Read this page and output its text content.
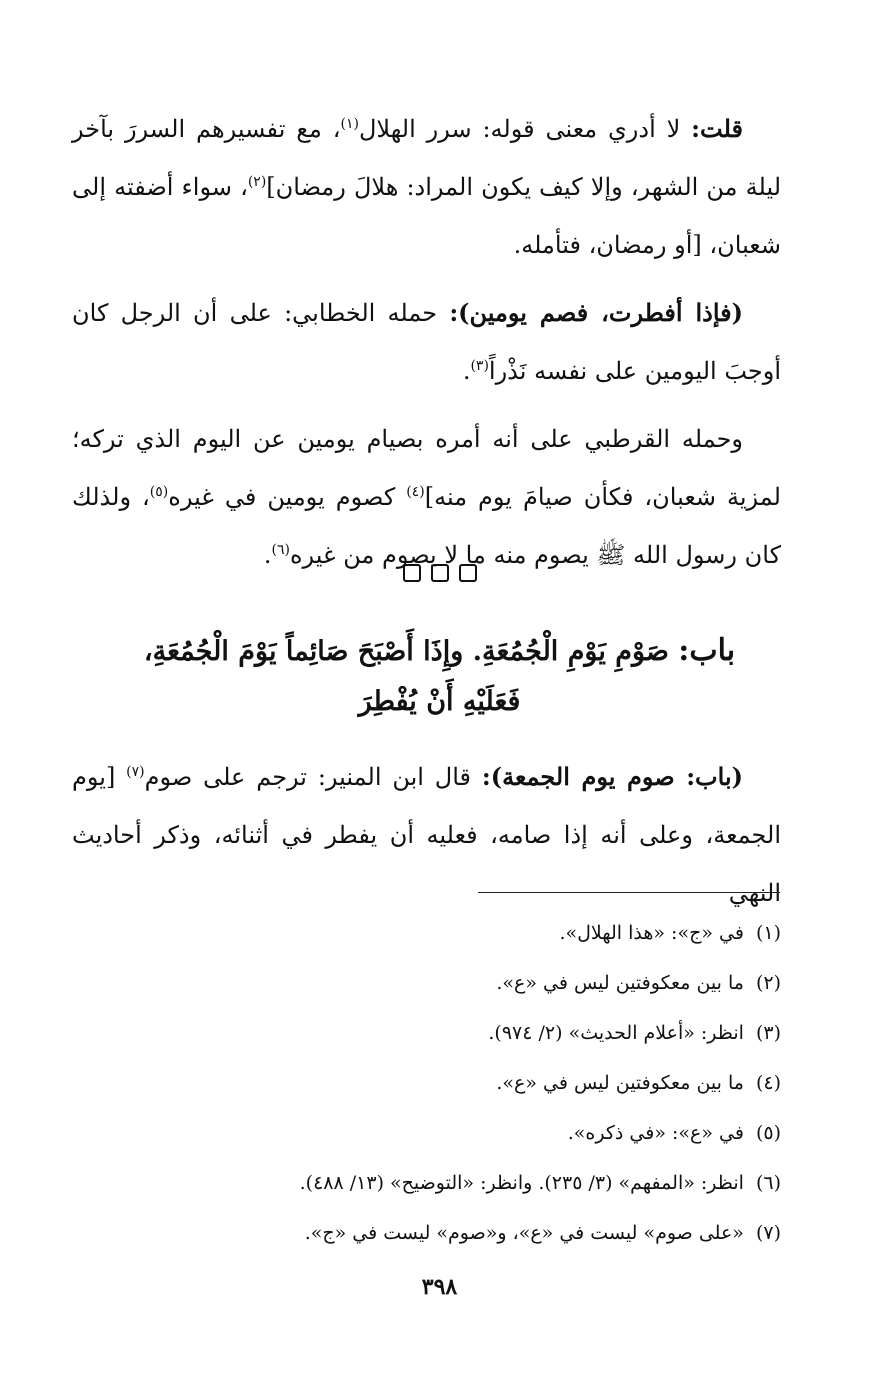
قلت: لا أدري معنى قوله: سرر الهلال$^{(١)}$، مع تفسيرهم السررَ بآخر ليلة من الشهر، وإلا كيف يكون المراد: هلالَ رمضان]$^{(٢)}$، سواء أضفته إلى شعبان، [أو رمضان، فتأمله.

(فإذا أفطرت، فصم يومين): حمله الخطابي: على أن الرجل كان أوجبَ اليومين على نفسه نَذْراً$^{(٣)}$.

وحمله القرطبي على أنه أمره بصيام يومين عن اليوم الذي تركه؛ لمزية شعبان، فكأن صيامَ يوم منه]$^{(٤)}$ كصوم يومين في غيره$^{(٥)}$، ولذلك كان رسول الله ﷺ يصوم منه ما لا يصوم من غيره$^{(٦)}$.

باب: صَوْمِ يَوْمِ الْجُمُعَةِ. وإِذَا أَصْبَحَ صَائِماً يَوْمَ الْجُمُعَةِ،
فَعَلَيْهِ أَنْ يُفْطِرَ

(باب: صوم يوم الجمعة): قال ابن المنير: ترجم على صوم$^{(٧)}$ [يوم الجمعة، وعلى أنه إذا صامه، فعليه أن يفطر في أثنائه، وذكر أحاديث النهي

(١)في «ج»: «هذا الهلال».
(٢)ما بين معكوفتين ليس في «ع».
(٣)انظر: «أعلام الحديث» (٢/ ٩٧٤).
(٤)ما بين معكوفتين ليس في «ع».
(٥)في «ع»: «في ذكره».
(٦)انظر: «المفهم» (٣/ ٢٣٥). وانظر: «التوضيح» (١٣/ ٤٨٨).
(٧)«على صوم» ليست في «ع»، و«صوم» ليست في «ج».
٣٩٨
